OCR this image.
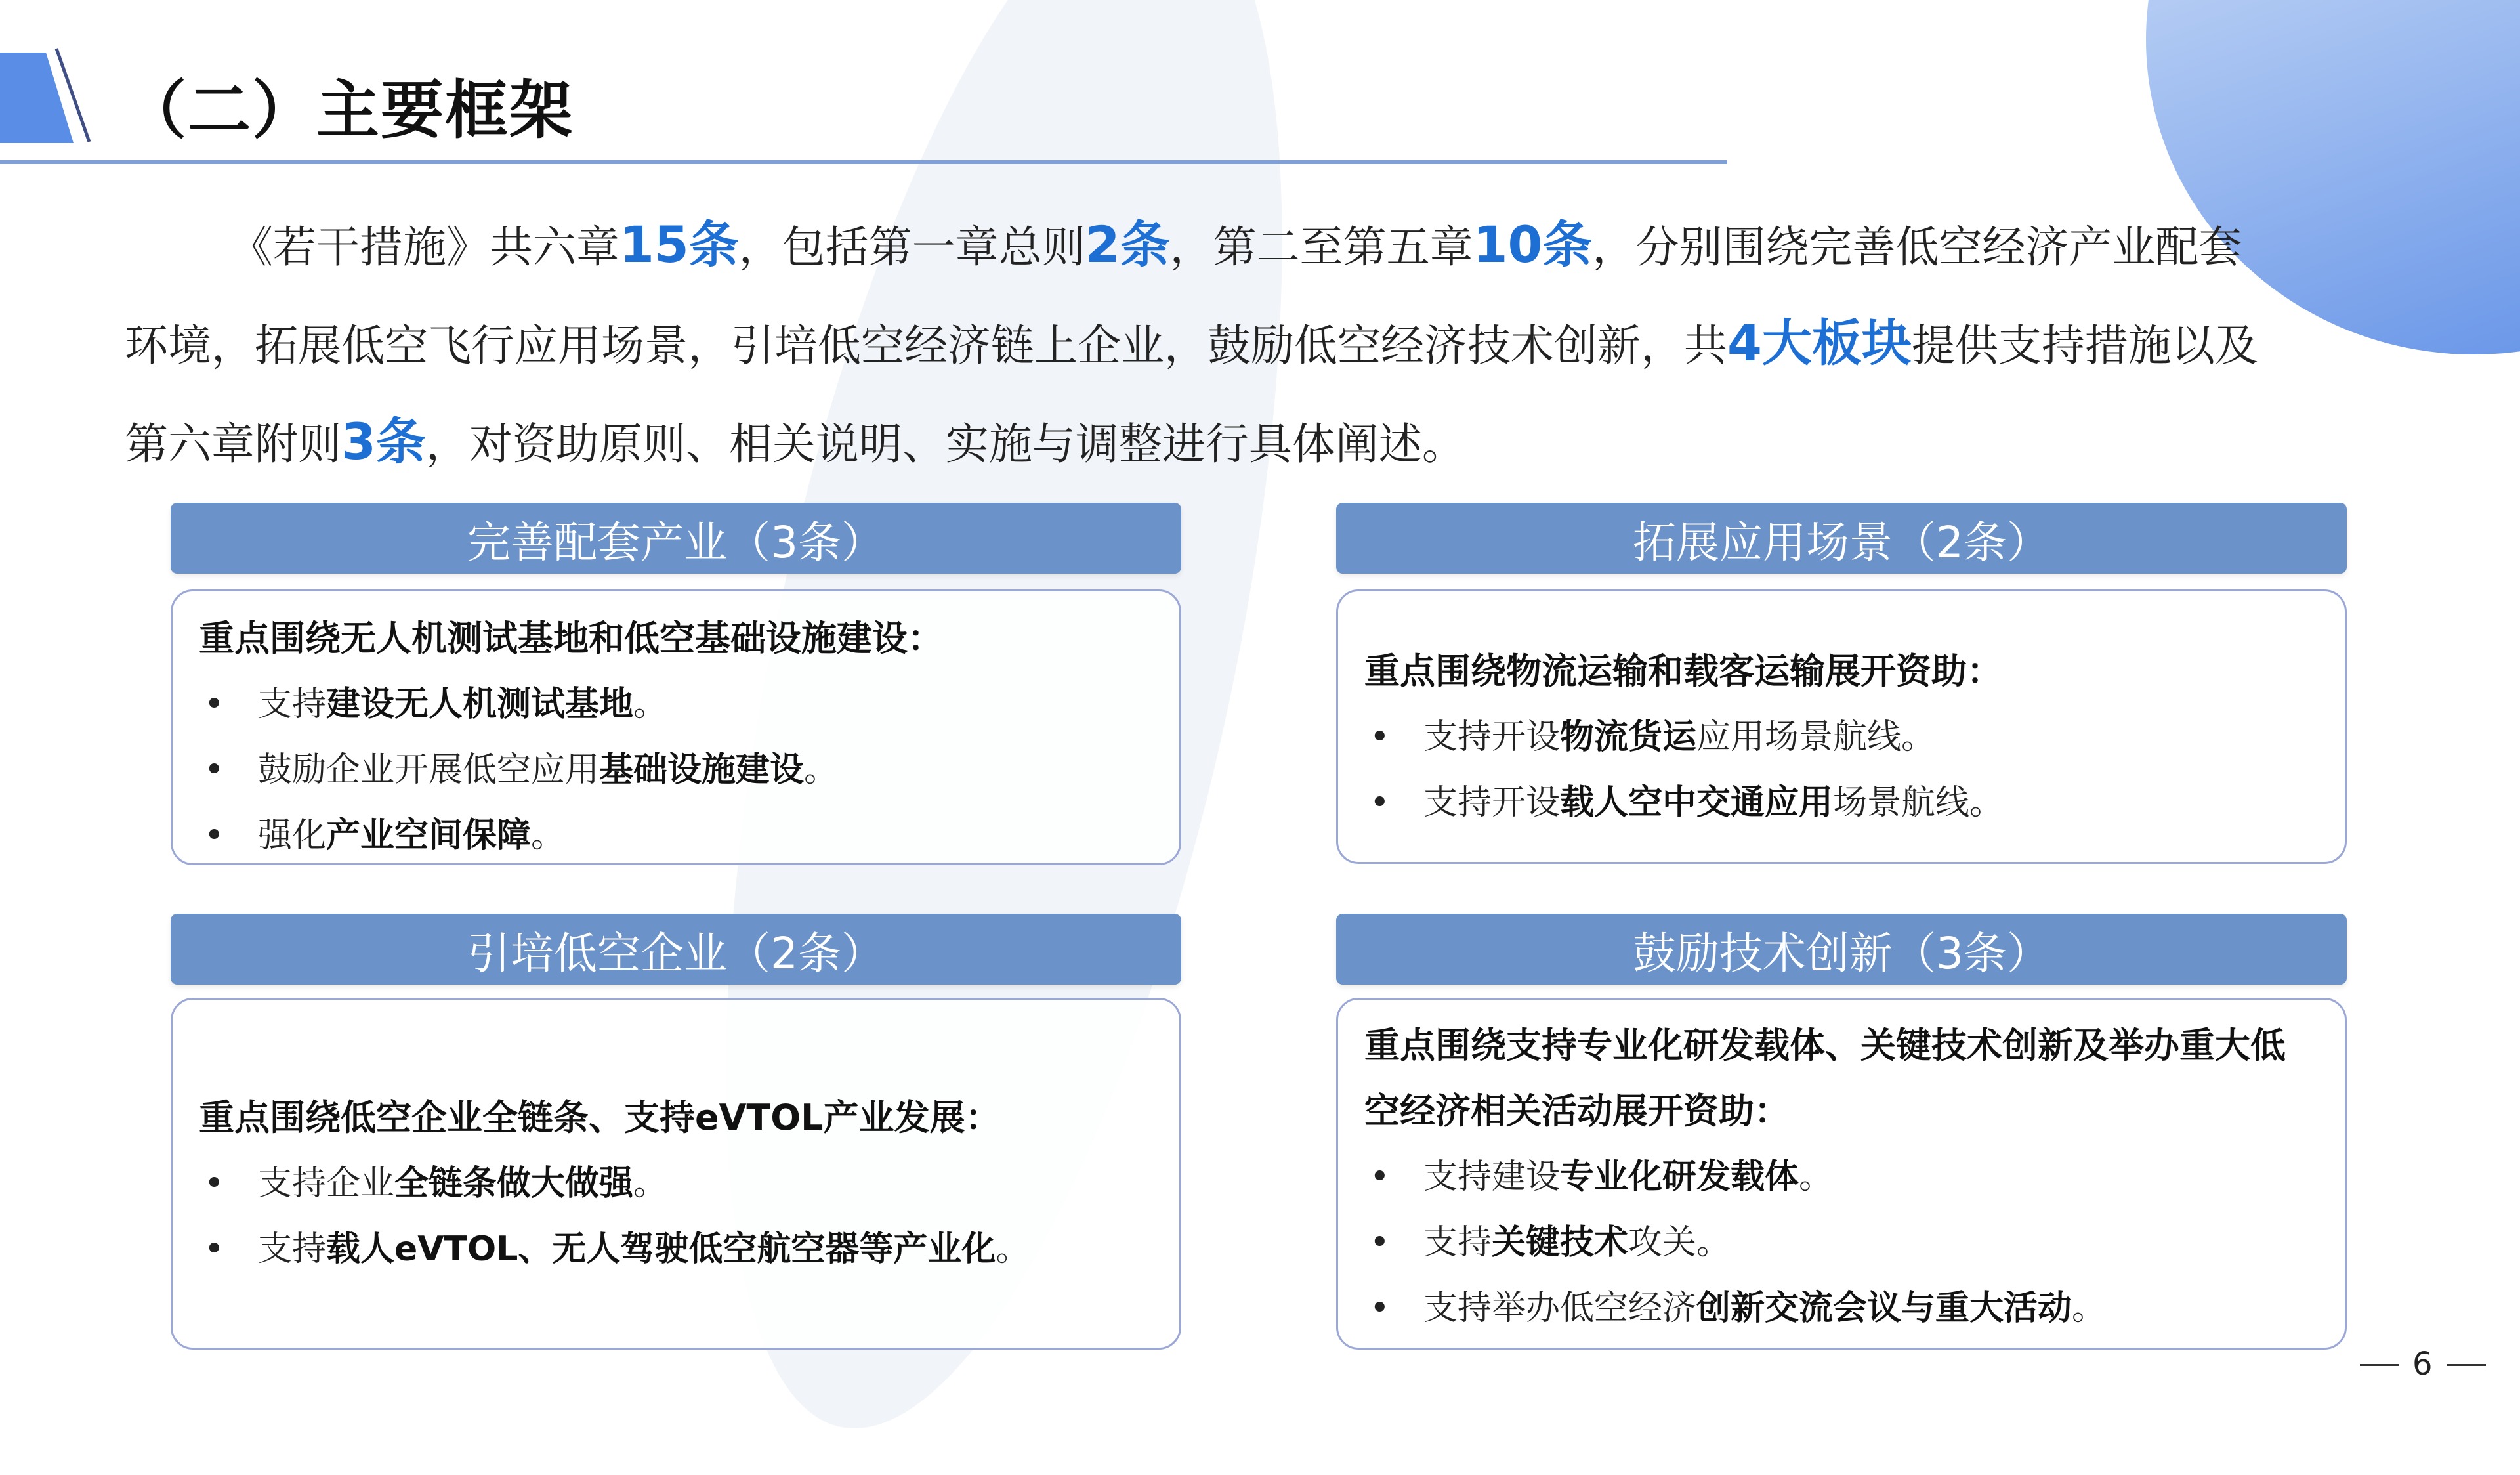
（二）主要框架
《若干措施》共六章15条，包括第一章总则2条，第二至第五章10条，分别围绕完善低空经济产业配套环境，拓展低空飞行应用场景，引培低空经济链上企业，鼓励低空经济技术创新，共4大板块提供支持措施以及第六章附则3条，对资助原则、相关说明、实施与调整进行具体阐述。
完善配套产业（3条）
重点围绕无人机测试基地和低空基础设施建设：
• 支持建设无人机测试基地。
• 鼓励企业开展低空应用基础设施建设。
• 强化产业空间保障。
拓展应用场景（2条）
重点围绕物流运输和载客运输展开资助：
• 支持开设物流货运应用场景航线。
• 支持开设载人空中交通应用场景航线。
引培低空企业（2条）
重点围绕低空企业全链条、支持eVTOL产业发展：
• 支持企业全链条做大做强。
• 支持载人eVTOL、无人驾驶低空航空器等产业化。
鼓励技术创新（3条）
重点围绕支持专业化研发载体、关键技术创新及举办重大低空经济相关活动展开资助：
• 支持建设专业化研发载体。
• 支持关键技术攻关。
• 支持举办低空经济创新交流会议与重大活动。
6
